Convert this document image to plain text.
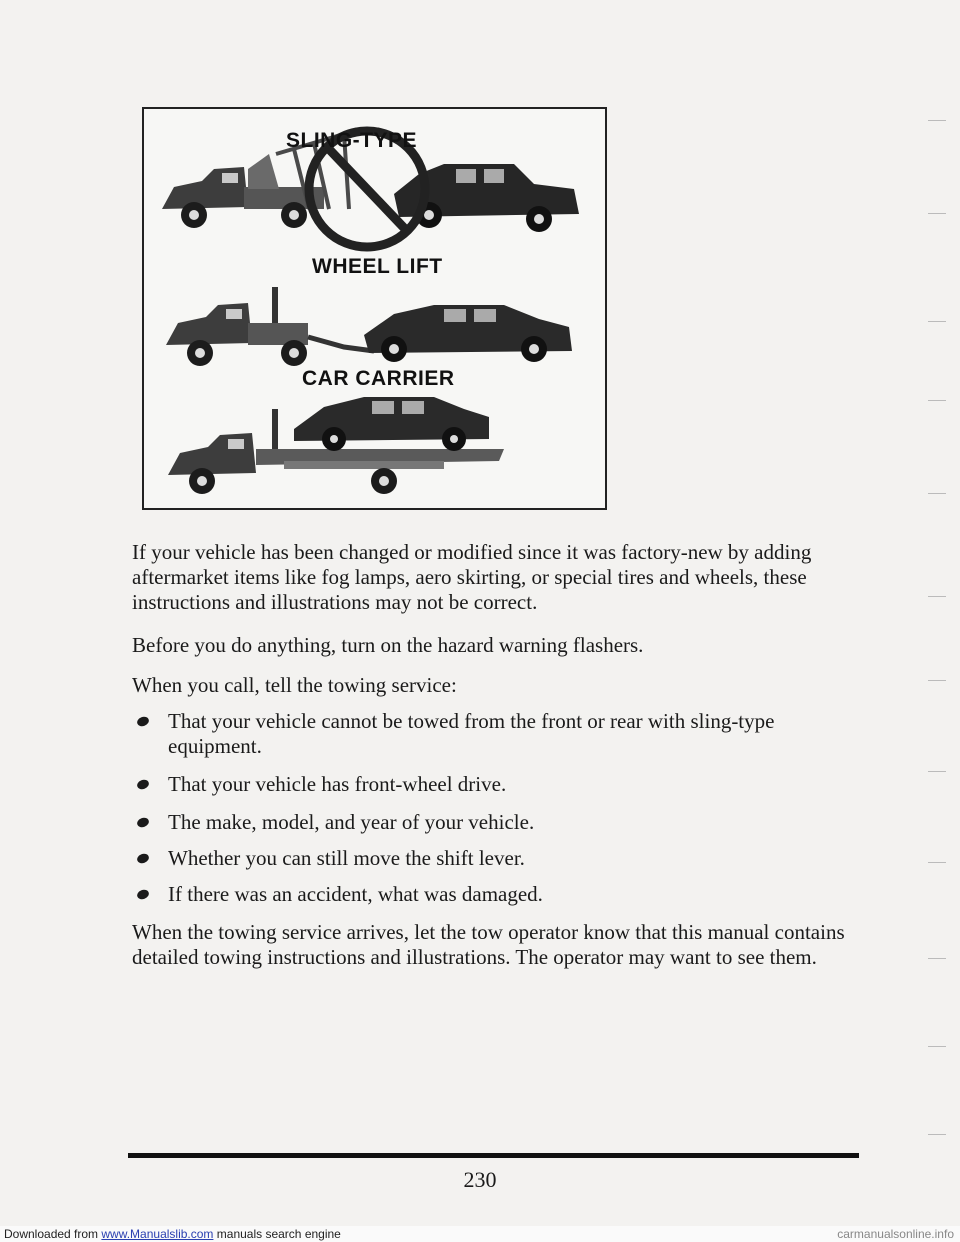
SLING-TYPE
WHEEL LIFT
CAR CARRIER
If your vehicle has been changed or modified since it was factory-new by adding aftermarket items like fog lamps, aero skirting, or special tires and wheels, these instructions and illustrations may not be correct.
Before you do anything, turn on the hazard warning flashers.
When you call, tell the towing service:
That your vehicle cannot be towed from the front or rear with sling-type equipment.
That your vehicle has front-wheel drive.
The make, model, and year of your vehicle.
Whether you can still move the shift lever.
If there was an accident, what was damaged.
When the towing service arrives, let the tow operator know that this manual contains detailed towing instructions and illustrations. The operator may want to see them.
230
Downloaded from www.Manualslib.com manuals search engine	carmanualsonline.info
